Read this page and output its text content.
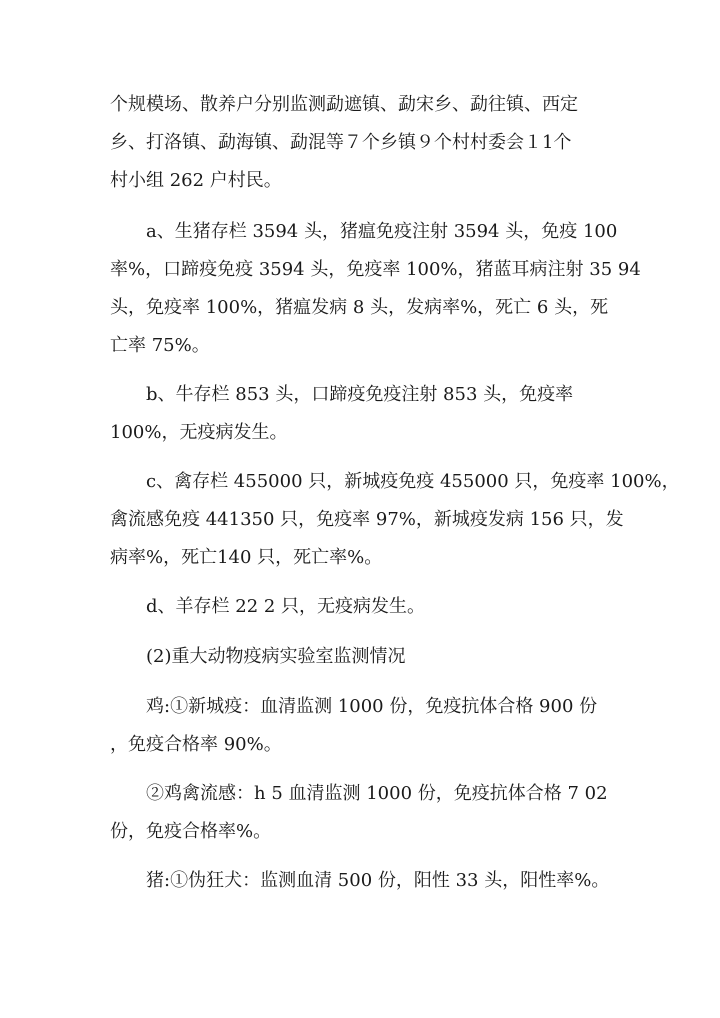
个规模场、散养户分别监测勐遮镇、勐宋乡、勐往镇、西定
乡、打洛镇、勐海镇、勐混等７个乡镇９个村村委会１1个
村小组 262 户村民。

a、生猪存栏 3594 头，猪瘟免疫注射 3594 头，免疫 100
率%，口蹄疫免疫 3594 头，免疫率 100%，猪蓝耳病注射 35 94
头，免疫率 100%，猪瘟发病 8 头，发病率%，死亡 6 头，死
亡率 75%。

b、牛存栏 853 头，口蹄疫免疫注射 853 头，免疫率
100%，无疫病发生。

c、禽存栏 455000 只，新城疫免疫 455000 只，免疫率 100%，
禽流感免疫 441350 只，免疫率 97%，新城疫发病 156 只，发
病率%，死亡140 只，死亡率%。

d、羊存栏 22 2 只，无疫病发生。

(2)重大动物疫病实验室监测情况

鸡:①新城疫：血清监测 1000 份，免疫抗体合格 900 份
，免疫合格率 90%。

②鸡禽流感：h 5 血清监测 1000 份，免疫抗体合格 7 02
份，免疫合格率%。

猪:①伪狂犬：监测血清 500 份，阳性 33 头，阳性率%。
